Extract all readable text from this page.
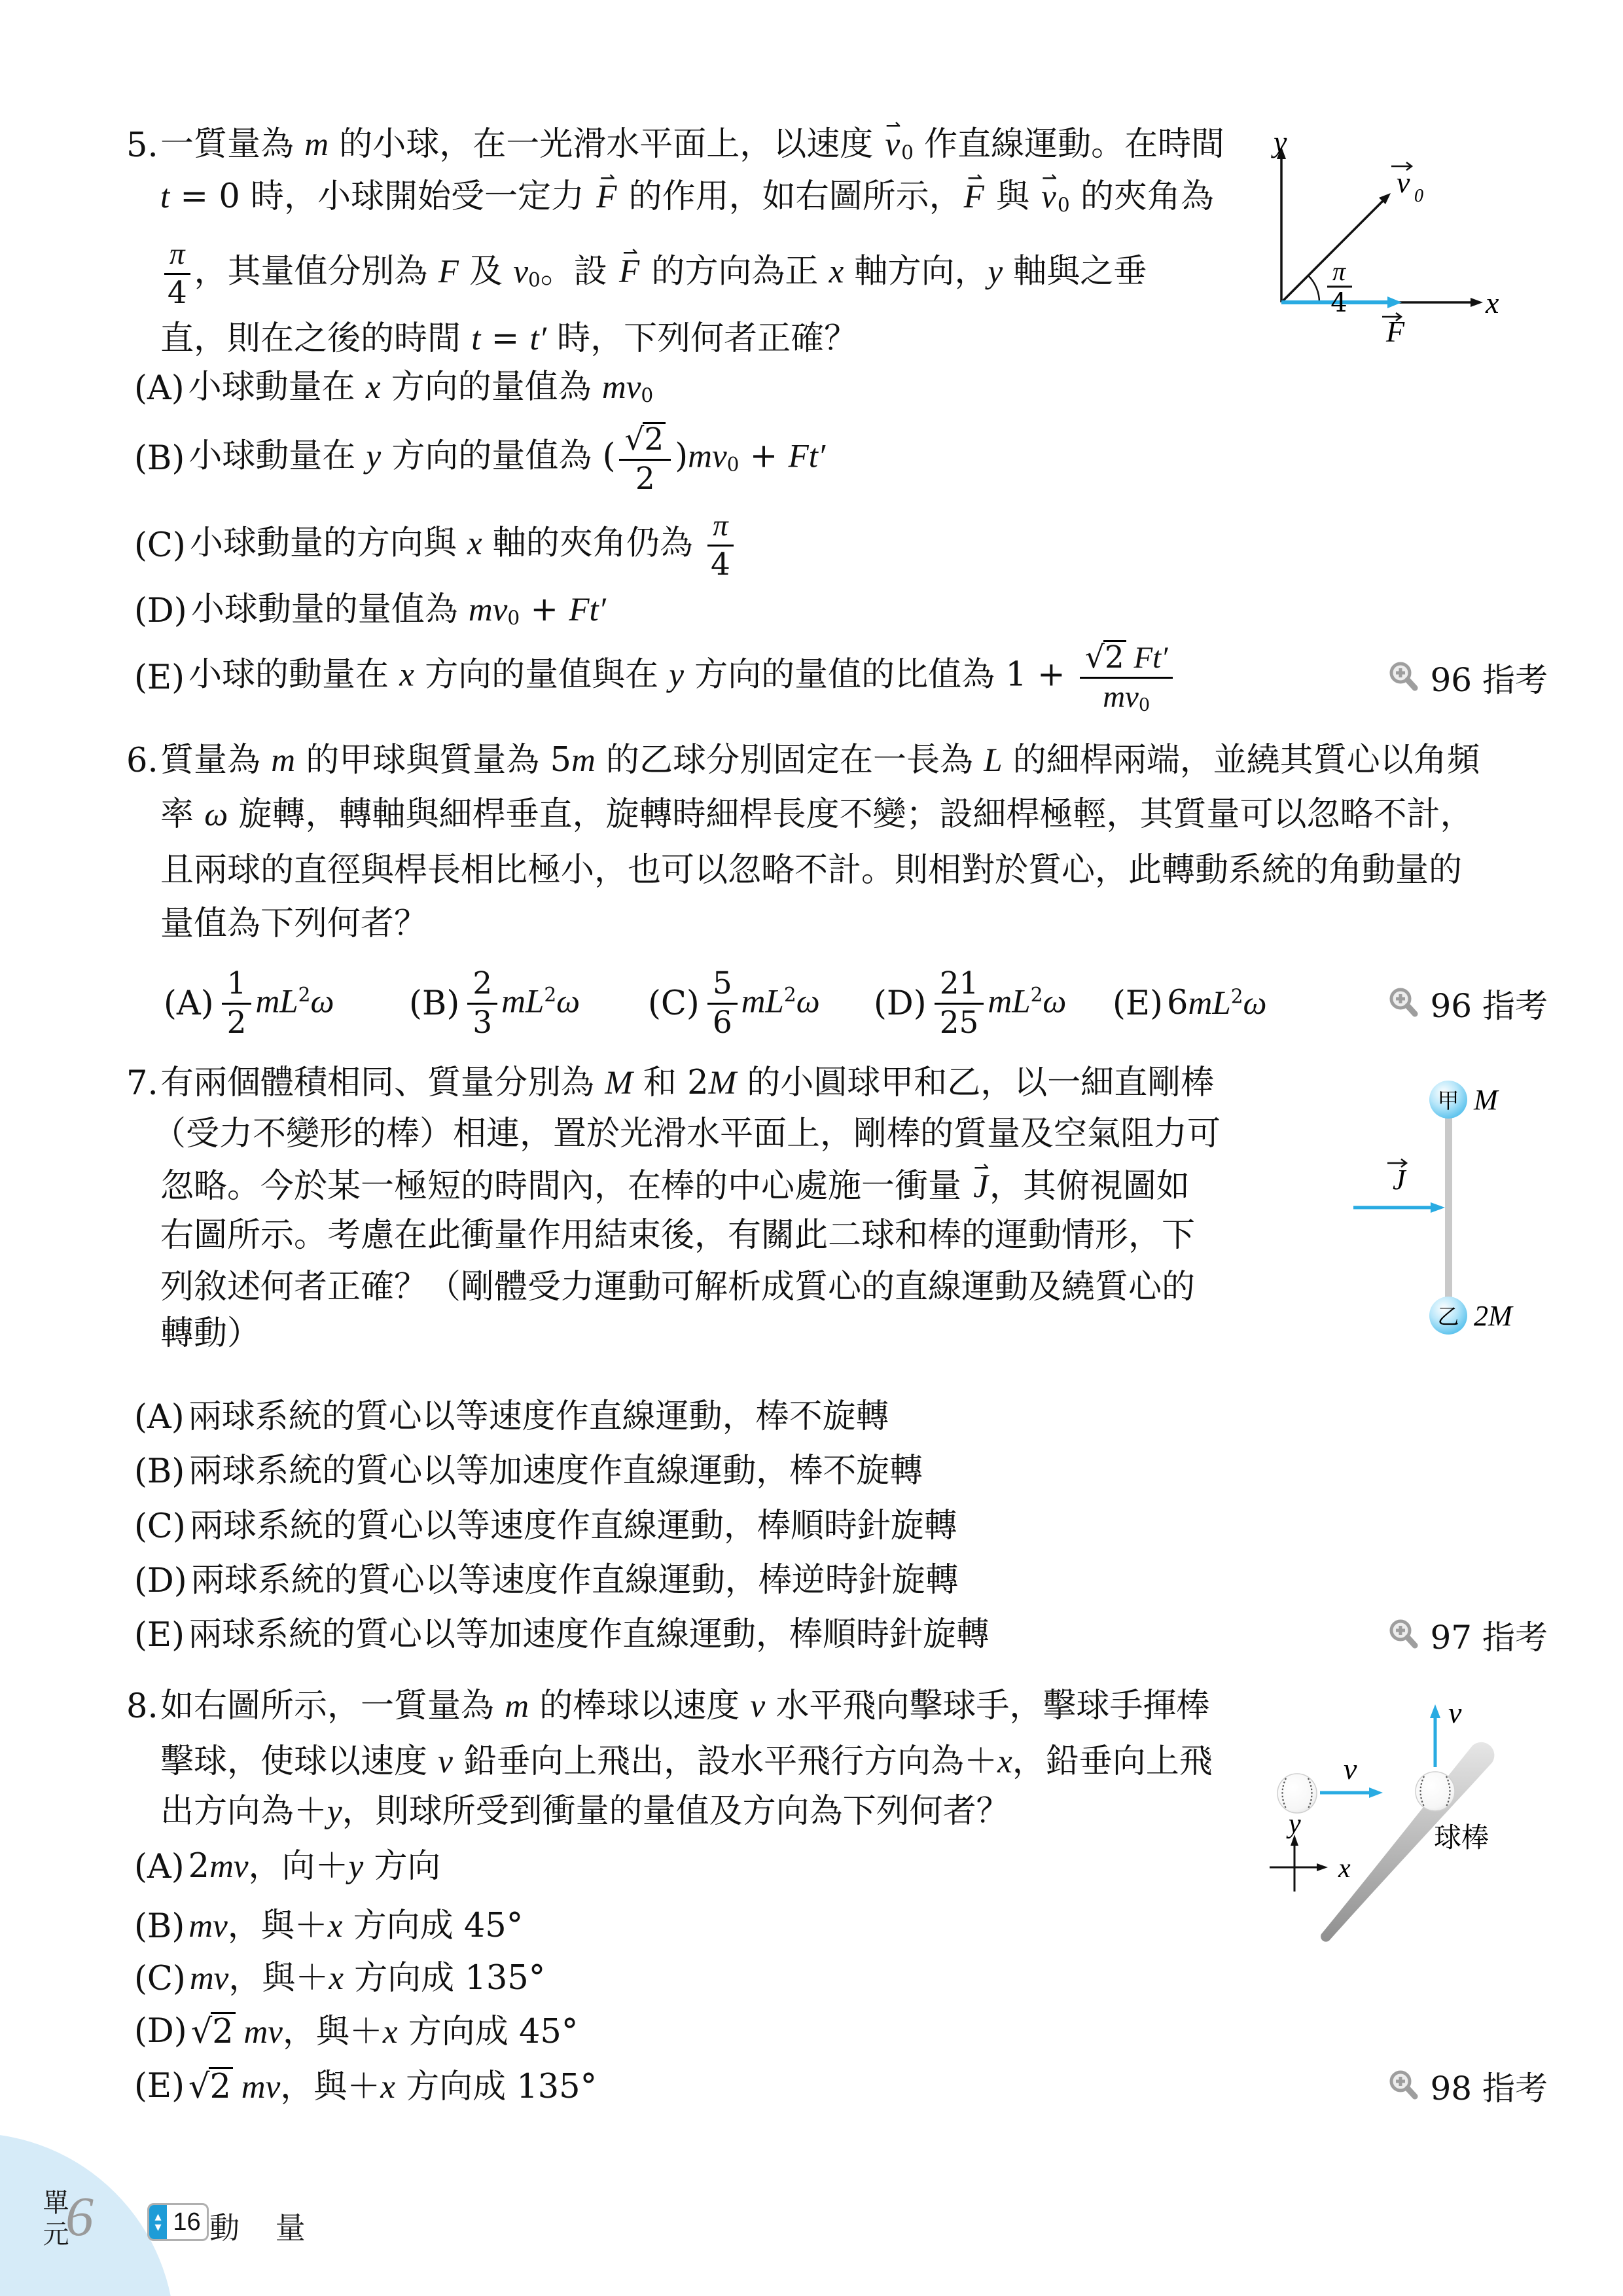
5. 一質量為 m 的小球，在一光滑水平面上，以速度 ⇀ v0 作直線運動。在時間
t = 0 時，小球開始受一定力 ⇀ F 的作用，如右圖所示，⇀ F 與 ⇀ v0 的夾角為
$\frac{\pi}{4}$ ，其量值分別為 F 及 v0。設 ⇀ F 的方向為正 x 軸方向，y 軸與之垂
直，則在之後的時間 t = t′ 時，下列何者正確？
(A) 小球動量在 x 方向的量值為 mv0
(B) 小球動量在 y 方向的量值為 ( $\frac{√2}{2} )mv0 + Ft'$
(C) 小球動量的方向與 x 軸的夾角仍為 $\frac{\pi}{4}$
(D) 小球動量的量值為 mv0 + Ft′
(E) 小球的動量在 x 方向的量值與在 y 方向的量值的比值為 $1 + \frac{√2 Ft'}{mv0}$	96 指考
y
x
v 0
F
π
4
6. 質量為 m 的甲球與質量為 5m 的乙球分別固定在一長為 L 的細桿兩端，並繞其質心以角頻
率 ω 旋轉，轉軸與細桿垂直，旋轉時細桿長度不變；設細桿極輕，其質量可以忽略不計，
且兩球的直徑與桿長相比極小，也可以忽略不計。則相對於質心，此轉動系統的角動量的
量值為下列何者？
$(A) \frac{1}{2} mL^2\omega$ $(B) \frac{2}{3} mL^2\omega$ $(C) \frac{5}{6} mL^2\omega$ $(D) \frac{21}{25} mL^2\omega$ (E) $6mL^2\omega$	96 指考
7. 有兩個體積相同、質量分別為 M 和 2M 的小圓球甲和乙，以一細直剛棒
（受力不變形的棒）相連，置於光滑水平面上，剛棒的質量及空氣阻力可
忽略。今於某一極短的時間內，在棒的中心處施一衝量 ⇀ J，其俯視圖如
右圖所示。考慮在此衝量作用結束後，有關此二球和棒的運動情形，下
列敘述何者正確？（剛體受力運動可解析成質心的直線運動及繞質心的
轉動）
(A) 兩球系統的質心以等速度作直線運動，棒不旋轉
(B) 兩球系統的質心以等加速度作直線運動，棒不旋轉
(C) 兩球系統的質心以等速度作直線運動，棒順時針旋轉
(D) 兩球系統的質心以等速度作直線運動，棒逆時針旋轉
(E) 兩球系統的質心以等加速度作直線運動，棒順時針旋轉	97 指考
J
甲
乙
M
2M
8. 如右圖所示，一質量為 m 的棒球以速度 v 水平飛向擊球手，擊球手揮棒
擊球，使球以速度 v 鉛垂向上飛出，設水平飛行方向為＋x，鉛垂向上飛
出方向為＋y，則球所受到衝量的量值及方向為下列何者？
(A) 2mv，向＋y 方向
(B) mv，與＋x 方向成 45°
(C) mv，與＋x 方向成 135°
(D) √2 mv，與＋x 方向成 45°
(E) √2 mv，與＋x 方向成 135°	98 指考
v
v
球棒
x
y
單元
6	▲
▼ 16 動 量
